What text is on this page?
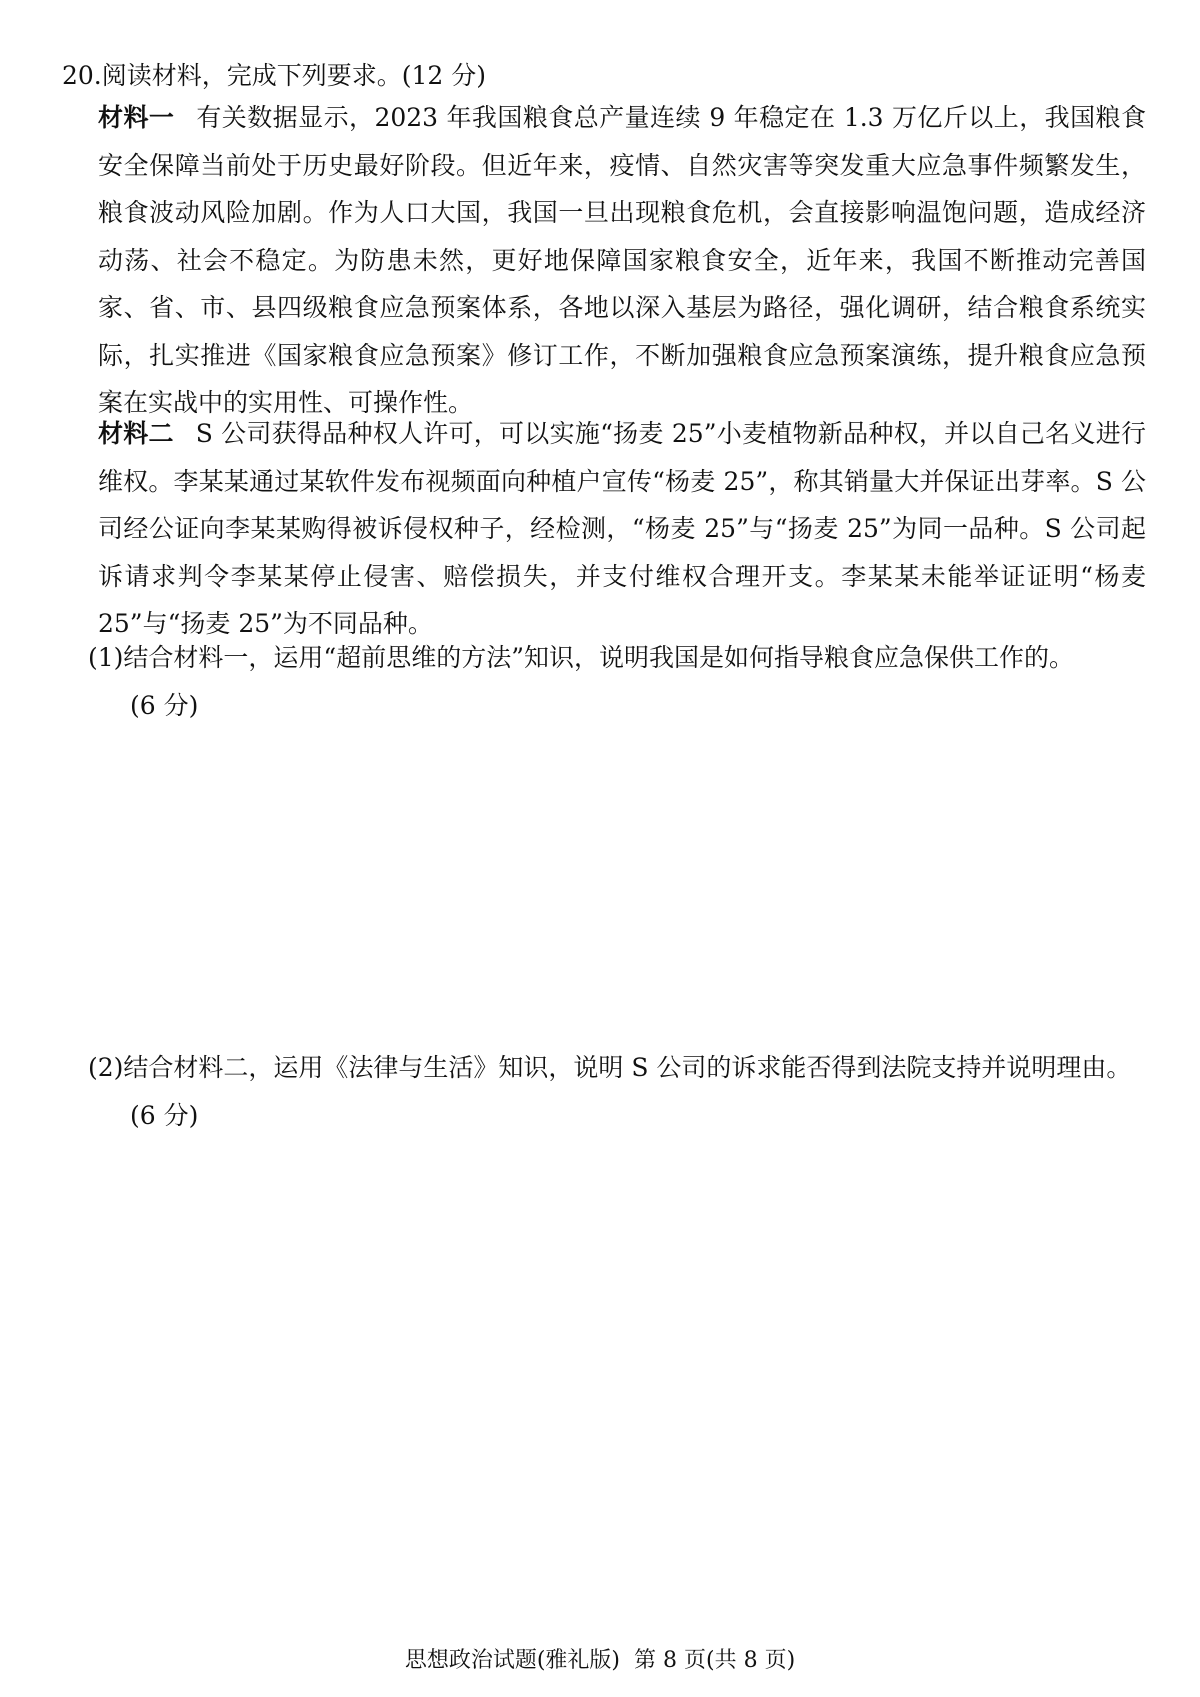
20.阅读材料，完成下列要求。(12 分)

材料一 有关数据显示，2023 年我国粮食总产量连续 9 年稳定在 1.3 万亿斤以上，我国粮食安全保障当前处于历史最好阶段。但近年来，疫情、自然灾害等突发重大应急事件频繁发生，粮食波动风险加剧。作为人口大国，我国一旦出现粮食危机，会直接影响温饱问题，造成经济动荡、社会不稳定。为防患未然，更好地保障国家粮食安全，近年来，我国不断推动完善国家、省、市、县四级粮食应急预案体系，各地以深入基层为路径，强化调研，结合粮食系统实际，扎实推进《国家粮食应急预案》修订工作，不断加强粮食应急预案演练，提升粮食应急预案在实战中的实用性、可操作性。

材料二 S 公司获得品种权人许可，可以实施“扬麦 25”小麦植物新品种权，并以自己名义进行维权。李某某通过某软件发布视频面向种植户宣传“杨麦 25”，称其销量大并保证出芽率。S 公司经公证向李某某购得被诉侵权种子，经检测，“杨麦 25”与“扬麦 25”为同一品种。S 公司起诉请求判令李某某停止侵害、赔偿损失，并支付维权合理开支。李某某未能举证证明“杨麦 25”与“扬麦 25”为不同品种。

(1)结合材料一，运用“超前思维的方法”知识，说明我国是如何指导粮食应急保供工作的。
(6 分)

(2)结合材料二，运用《法律与生活》知识，说明 S 公司的诉求能否得到法院支持并说明理由。
(6 分)

思想政治试题(雅礼版) 第 8 页(共 8 页)
